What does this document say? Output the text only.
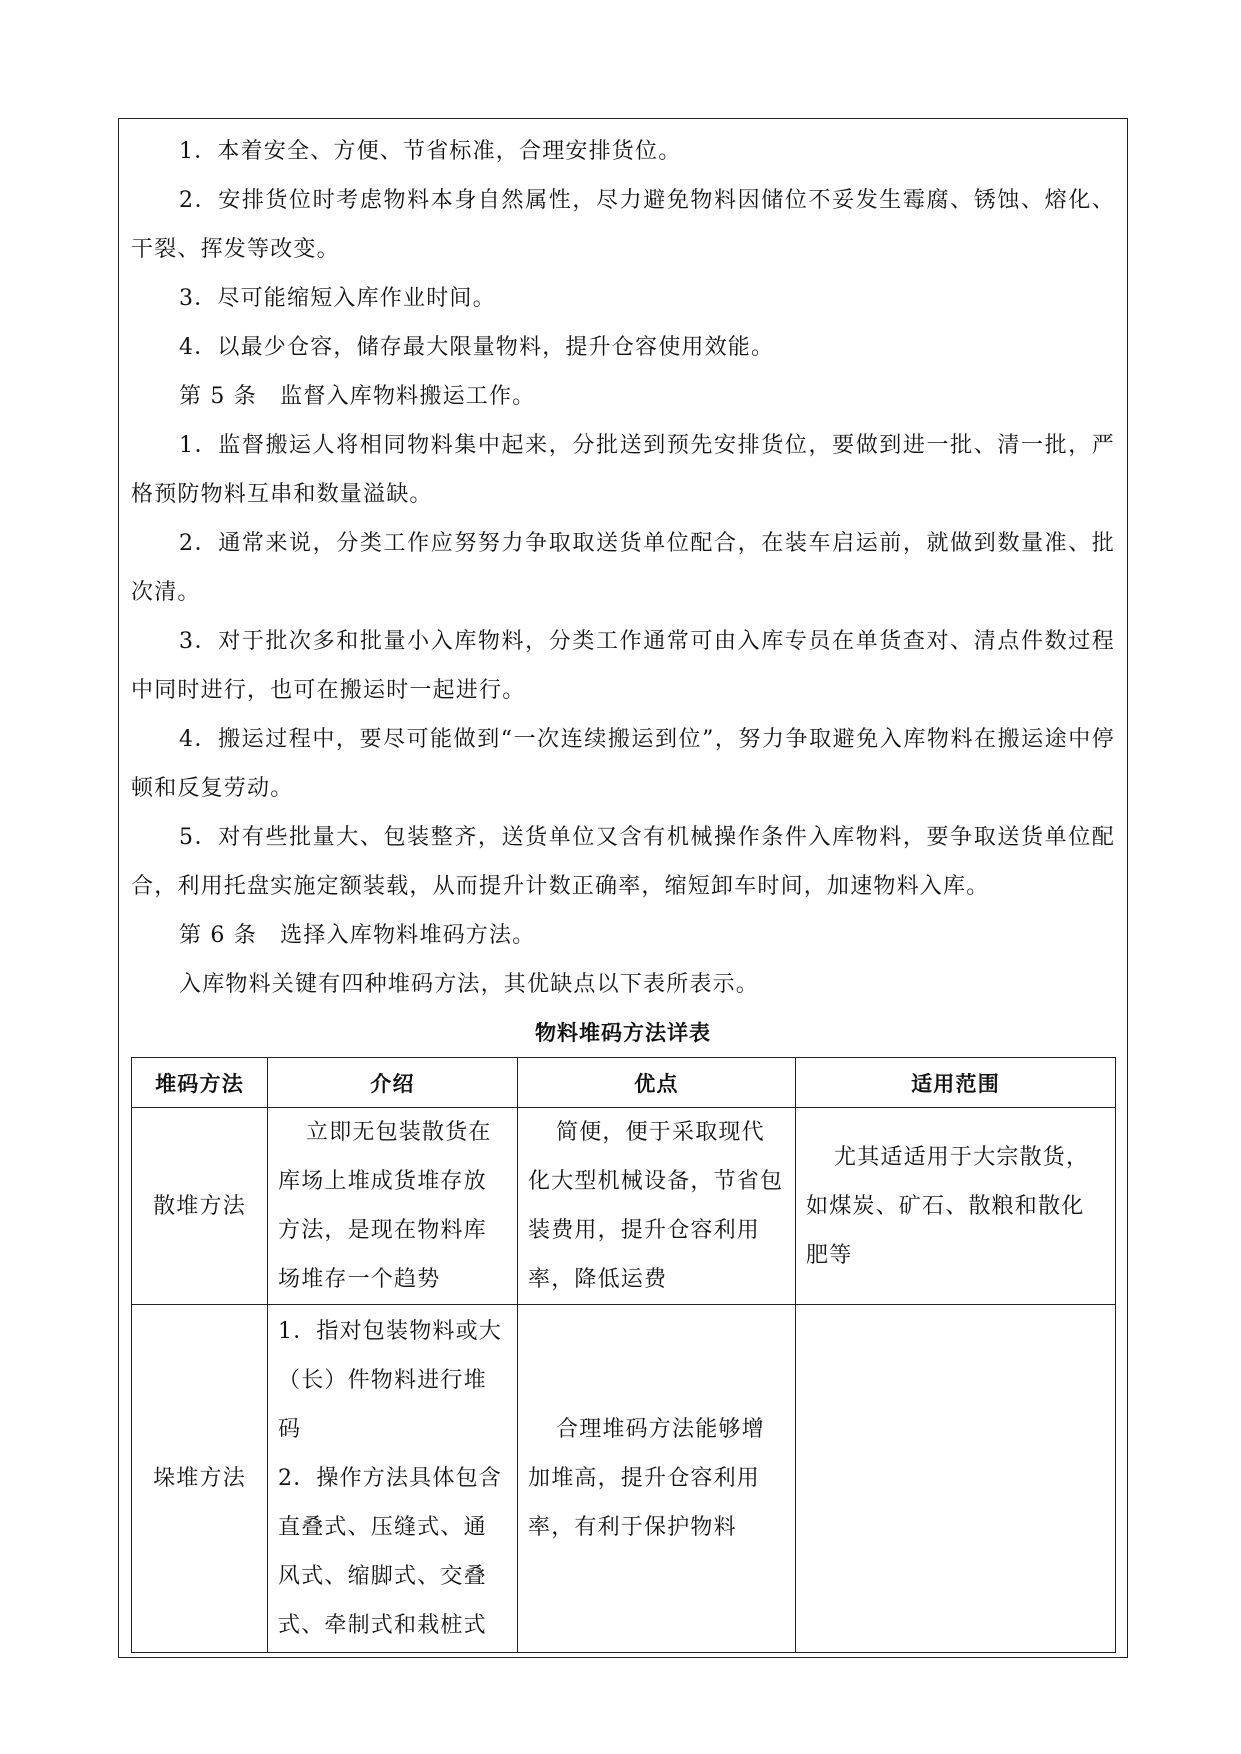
1．本着安全、方便、节省标准，合理安排货位。

2．安排货位时考虑物料本身自然属性，尽力避免物料因储位不妥发生霉腐、锈蚀、熔化、干裂、挥发等改变。

3．尽可能缩短入库作业时间。

4．以最少仓容，储存最大限量物料，提升仓容使用效能。

第 5 条　监督入库物料搬运工作。

1．监督搬运人将相同物料集中起来，分批送到预先安排货位，要做到进一批、清一批，严格预防物料互串和数量溢缺。

2．通常来说，分类工作应努努力争取取送货单位配合，在装车启运前，就做到数量准、批次清。

3．对于批次多和批量小入库物料，分类工作通常可由入库专员在单货查对、清点件数过程中同时进行，也可在搬运时一起进行。

4．搬运过程中，要尽可能做到“一次连续搬运到位”，努力争取避免入库物料在搬运途中停顿和反复劳动。

5．对有些批量大、包装整齐，送货单位又含有机械操作条件入库物料，要争取送货单位配合，利用托盘实施定额装载，从而提升计数正确率，缩短卸车时间，加速物料入库。

第 6 条　选择入库物料堆码方法。

入库物料关键有四种堆码方法，其优缺点以下表所表示。

物料堆码方法详表

堆码方法	介绍	优点	适用范围
散堆方法	立即无包装散货在库场上堆成货堆存放方法，是现在物料库场堆存一个趋势	简便，便于采取现代化大型机械设备，节省包装费用，提升仓容利用率，降低运费	尤其适适用于大宗散货，如煤炭、矿石、散粮和散化肥等

垛堆方法	1．指对包装物料或大（长）件物料进行堆码
2．操作方法具体包含直叠式、压缝式、通风式、缩脚式、交叠式、牵制式和栽桩式	合理堆码方法能够增加堆高，提升仓容利用率，有利于保护物料	
